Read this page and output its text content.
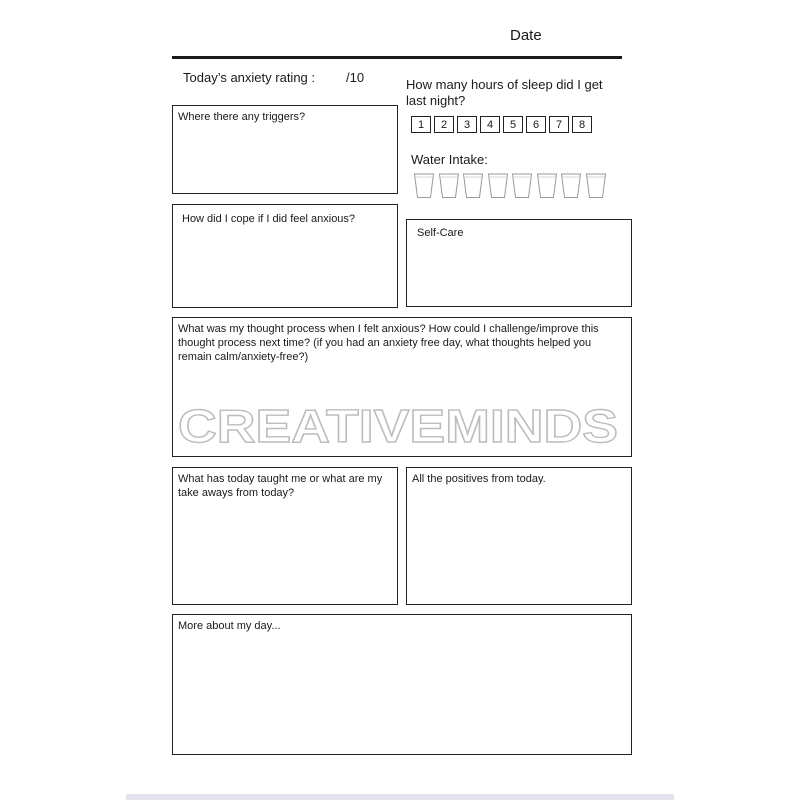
Date
Today’s anxiety rating : /10
Where there any triggers?
How did I cope if I did feel anxious?
How many hours of sleep did I get last night?
1	2	3	4	5	6	7	8
Water Intake:
Self-Care
What was my thought process when I felt anxious? How could I challenge/improve this thought process next time? (if you had an anxiety free day, what thoughts helped you remain calm/anxiety-free?)
CREATIVEMINDS
What has today taught me or what are my take aways from today?
All the positives from today.
More about my day...
